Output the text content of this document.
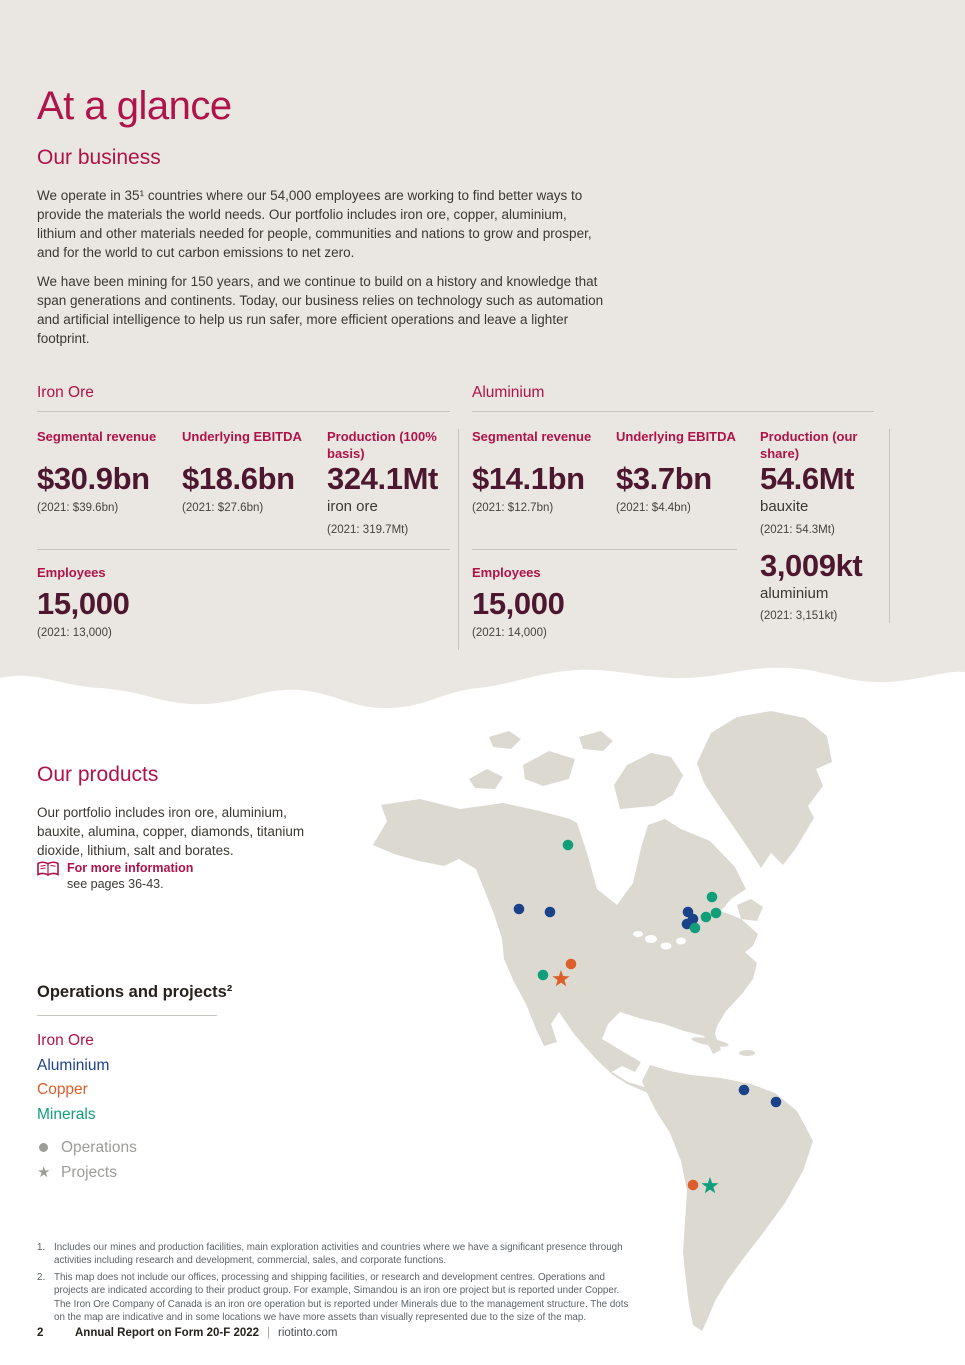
At a glance
Our business

We operate in 35¹ countries where our 54,000 employees are working to find better ways to provide the materials the world needs. Our portfolio includes iron ore, copper, aluminium, lithium and other materials needed for people, communities and nations to grow and prosper, and for the world to cut carbon emissions to net zero.

We have been mining for 150 years, and we continue to build on a history and knowledge that span generations and continents. Today, our business relies on technology such as automation and artificial intelligence to help us run safer, more efficient operations and leave a lighter footprint.

Iron Ore
Segmental revenue
$30.9bn
(2021: $39.6bn)
Underlying EBITDA
$18.6bn
(2021: $27.6bn)
Production (100% basis)
324.1Mt
iron ore
(2021: 319.7Mt)
Employees
15,000
(2021: 13,000)
Aluminium
Segmental revenue
$14.1bn
(2021: $12.7bn)
Underlying EBITDA
$3.7bn
(2021: $4.4bn)
Production (our share)
54.6Mt
bauxite
(2021: 54.3Mt)
3,009kt
aluminium
(2021: 3,151kt)
Employees
15,000
(2021: 14,000)
Our products
Our portfolio includes iron ore, aluminium, bauxite, alumina, copper, diamonds, titanium dioxide, lithium, salt and borates.
For more information
see pages 36-43.
Operations and projects²
Iron Ore
Aluminium
Copper
Minerals
Operations
★ Projects
1. Includes our mines and production facilities, main exploration activities and countries where we have a significant presence through activities including research and development, commercial, sales, and corporate functions.
2. This map does not include our offices, processing and shipping facilities, or research and development centres. Operations and projects are indicated according to their product group. For example, Simandou is an iron ore project but is reported under Copper. The Iron Ore Company of Canada is an iron ore operation but is reported under Minerals due to the management structure. The dots on the map are indicative and in some locations we have more assets than visually represented due to the size of the map.
2	Annual Report on Form 20-F 2022 | riotinto.com
